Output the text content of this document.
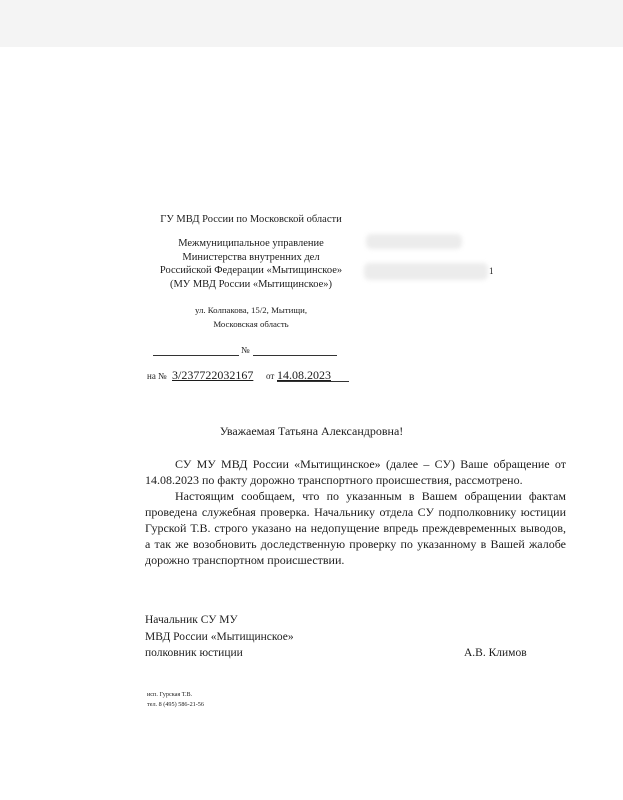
ГУ МВД России по Московской области
Межмуниципальное управление
Министерства внутренних дел
Российской Федерации «Мытищинское»
(МУ МВД России «Мытищинское»)
ул. Колпакова, 15/2, Мытищи,
Московская область
1
№
на № 3/237722032167 от 14.08.2023
Уважаемая Татьяна Александровна!
СУ МУ МВД России «Мытищинское» (далее – СУ) Ваше обращение от 14.08.2023 по факту дорожно транспортного происшествия, рассмотрено.
Настоящим сообщаем, что по указанным в Вашем обращении фактам проведена служебная проверка. Начальнику отдела СУ подполковнику юстиции Гурской Т.В. строго указано на недопущение впредь преждевременных выводов, а так же возобновить доследственную проверку по указанному в Вашей жалобе дорожно транспортном происшествии.
Начальник СУ МУ
МВД России «Мытищинское»
полковник юстиции	А.В. Климов
исп. Гурская Т.В.
тел. 8 (495) 586-21-56
